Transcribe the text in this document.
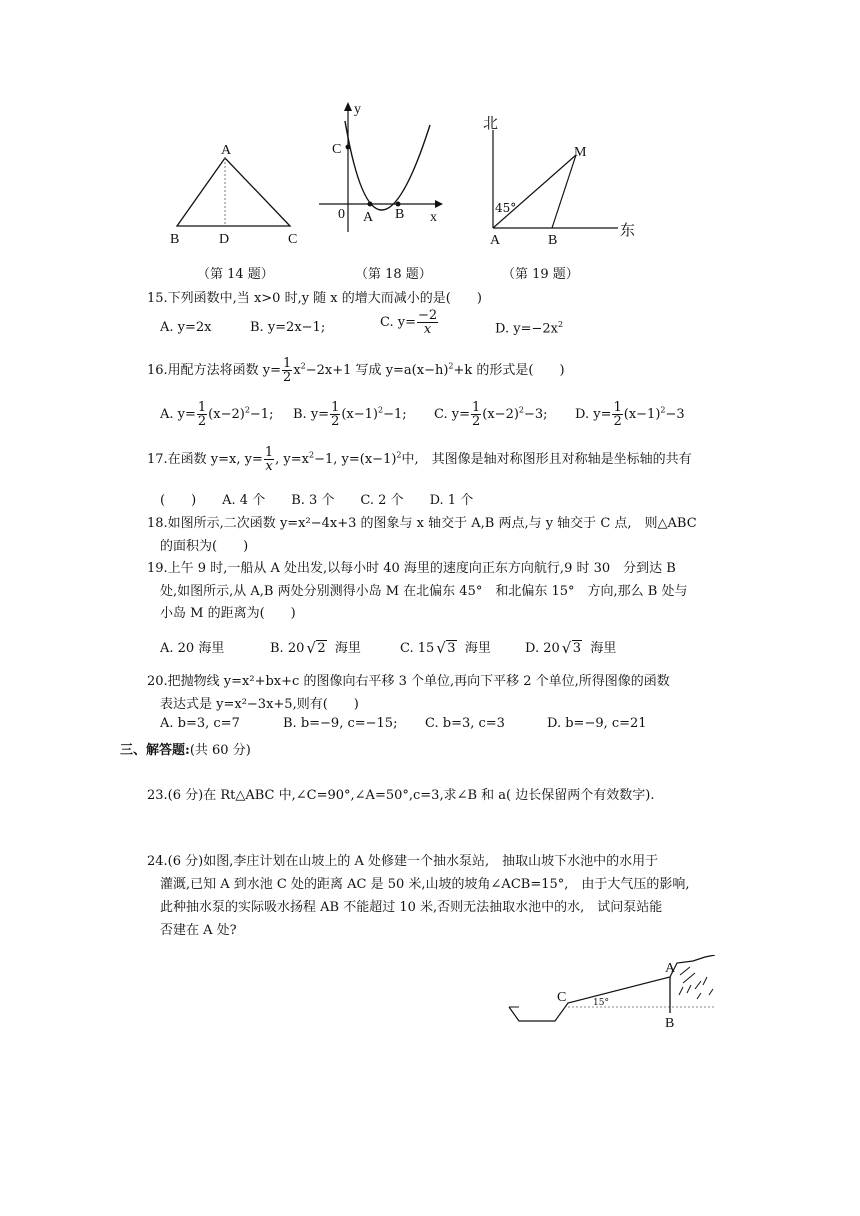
A
B	D	C
（第 14 题）
y
x
C
0 A B
（第 18 题）
北
东
M
A	B
45°
（第 19 题）
15.下列函数中,当 x>0 时,y 随 x 的增大而减小的是(　　)
A. y=2x	B. y=2x−1;	C. $y= \frac{-2}{x}$	D. $y=-2x^2$
16.用配方法将函数 $y= \frac{1}{2} x^2-2x+1$ 写成 $y=a(x-h)^2+k$ 的形式是(　　)
A. $y= \frac{1}{2} (x-2)^2-1$; B. $y= \frac{1}{2} (x-1)^2-1$; C. $y= \frac{1}{2} (x-2)^2-3$; D. $y= \frac{1}{2} (x-1)^2-3$
17.在函数 y=x, $y= \frac{1}{x}$ , $y=x^2-1$, $y=(x-1)^2$中,　其图像是轴对称图形且对称轴是坐标轴的共有
(　　)　　A. 4 个　　B. 3 个　　C. 2 个　　D. 1 个
18.如图所示,二次函数 y=x²−4x+3 的图象与 x 轴交于 A,B 两点,与 y 轴交于 C 点,　则△ABC
的面积为(　　)
19.上午 9 时,一船从 A 处出发,以每小时 40 海里的速度向正东方向航行,9 时 30　分到达 B
处,如图所示,从 A,B 两处分别测得小岛 M 在北偏东 45°　和北偏东 15°　方向,那么 B 处与
小岛 M 的距离为(　　)
A. 20 海里	B. 20 √ 2 海里	C. 15 √ 3 海里	D. 20 √ 3 海里
20.把抛物线 y=x²+bx+c 的图像向右平移 3 个单位,再向下平移 2 个单位,所得图像的函数
表达式是 y=x²−3x+5,则有(　　)
A. b=3, c=7	B. b=−9, c=−15; C. b=3, c=3	D. b=−9, c=21
三、解答题:(共 60 分)
23.(6 分)在 Rt△ABC 中,∠C=90°,∠A=50°,c=3,求∠B 和 a( 边长保留两个有效数字).
24.(6 分)如图,李庄计划在山坡上的 A 处修建一个抽水泵站,　抽取山坡下水池中的水用于
灌溉,已知 A 到水池 C 处的距离 AC 是 50 米,山坡的坡角∠ACB=15°,　由于大气压的影响,
此种抽水泵的实际吸水扬程 AB 不能超过 10 米,否则无法抽取水池中的水,　试问泵站能
否建在 A 处?
A
B
C	15°
